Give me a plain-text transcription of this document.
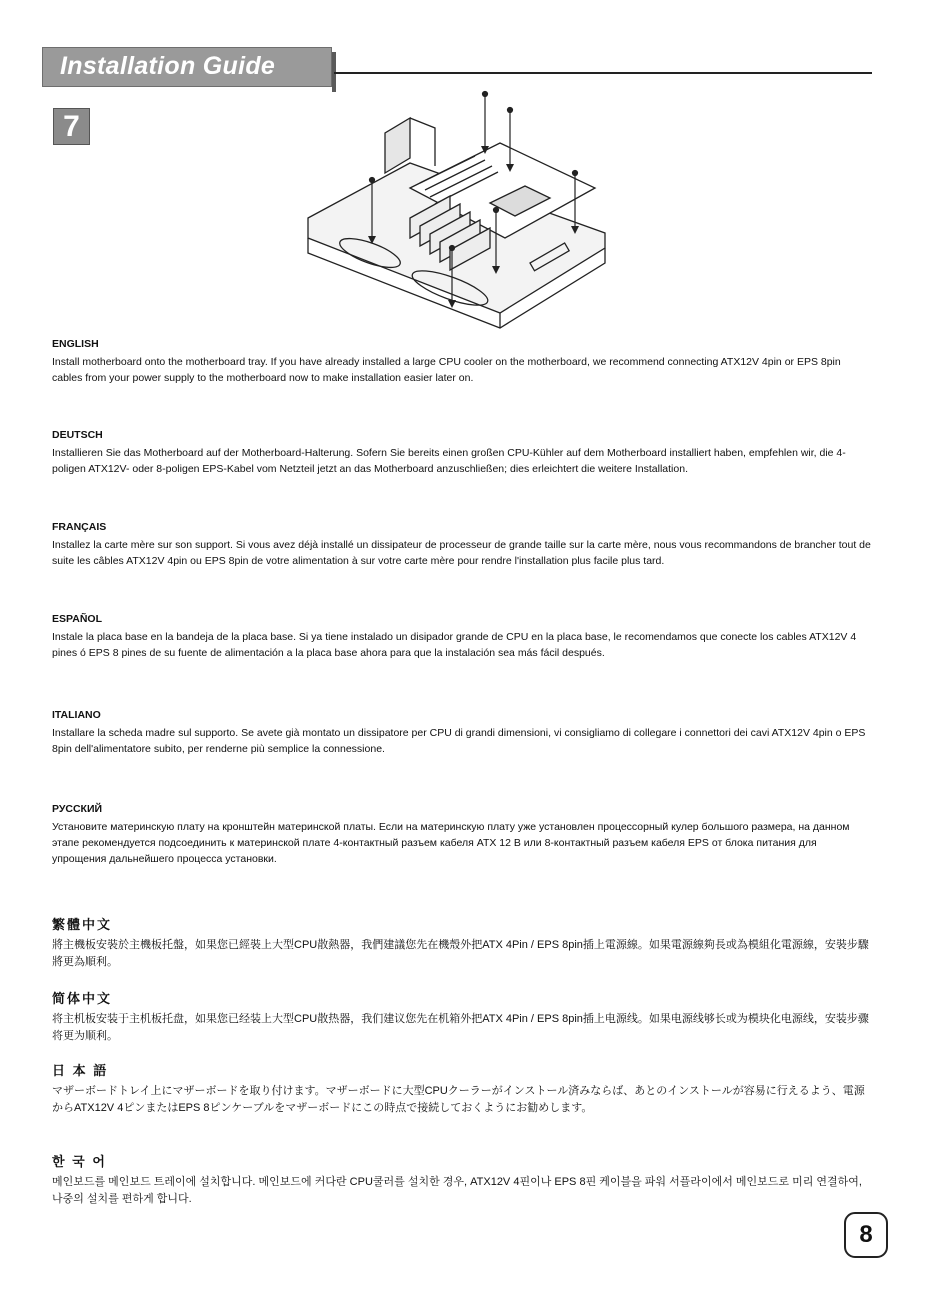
Installation Guide
7

ENGLISH

Install motherboard onto the motherboard tray. If you have already installed a large CPU cooler on the motherboard, we recommend connecting ATX12V 4pin or EPS 8pin cables from your power supply to the motherboard now to make installation easier later on.

DEUTSCH

Installieren Sie das Motherboard auf der Motherboard-Halterung. Sofern Sie bereits einen großen CPU-Kühler auf dem Motherboard installiert haben, empfehlen wir, die 4-poligen ATX12V- oder 8-poligen EPS-Kabel vom Netzteil jetzt an das Motherboard anzuschließen; dies erleichtert die weitere Installation.

FRANÇAIS

Installez la carte mère sur son support. Si vous avez déjà installé un dissipateur de processeur de grande taille sur la carte mère, nous vous recommandons de brancher tout de suite les câbles ATX12V 4pin ou EPS 8pin de votre alimentation à sur votre carte mère pour rendre l'installation plus facile plus tard.

ESPAÑOL

Instale la placa base en la bandeja de la placa base. Si ya tiene instalado un disipador grande de CPU en la placa base, le recomendamos que conecte los cables ATX12V 4 pines ó EPS 8 pines de su fuente de alimentación a la placa base ahora para que la instalación sea más fácil después.

ITALIANO

Installare la scheda madre sul supporto. Se avete già montato un dissipatore per CPU di grandi dimensioni, vi consigliamo di collegare i connettori dei cavi ATX12V 4pin o EPS 8pin dell'alimentatore subito, per renderne più semplice la connessione.

РУССКИЙ

Установите материнскую плату на кронштейн материнской платы. Если на материнскую плату уже установлен процессорный кулер большого размера, на данном этапе рекомендуется подсоединить к материнской плате 4-контактный разъем кабеля ATX 12 В или 8-контактный разъем кабеля EPS от блока питания для упрощения дальнейшего процесса установки.

繁體中文

將主機板安裝於主機板托盤，如果您已經裝上大型CPU散熱器，我們建議您先在機殼外把ATX 4Pin / EPS 8pin插上電源線。如果電源線夠長或為模組化電源線，安裝步驟將更為順利。

简体中文

将主机板安装于主机板托盘，如果您已经装上大型CPU散热器，我们建议您先在机箱外把ATX 4Pin / EPS 8pin插上电源线。如果电源线够长或为模块化电源线，安装步骤将更为顺利。

日 本 語

マザーボードトレイ上にマザーボードを取り付けます。マザーボードに大型CPUクーラーがインストール済みならば、あとのインストールが容易に行えるよう、電源からATX12V 4ピンまたはEPS 8ピンケーブルをマザーボードにこの時点で接続しておくようにお勧めします。

한 국 어

메인보드를 메인보드 트레이에 설치합니다. 메인보드에 커다란 CPU쿨러를 설치한 경우, ATX12V 4핀이나 EPS 8핀 케이블을 파워 서플라이에서 메인보드로 미리 연결하여, 나중의 설치를 편하게 합니다.

8
